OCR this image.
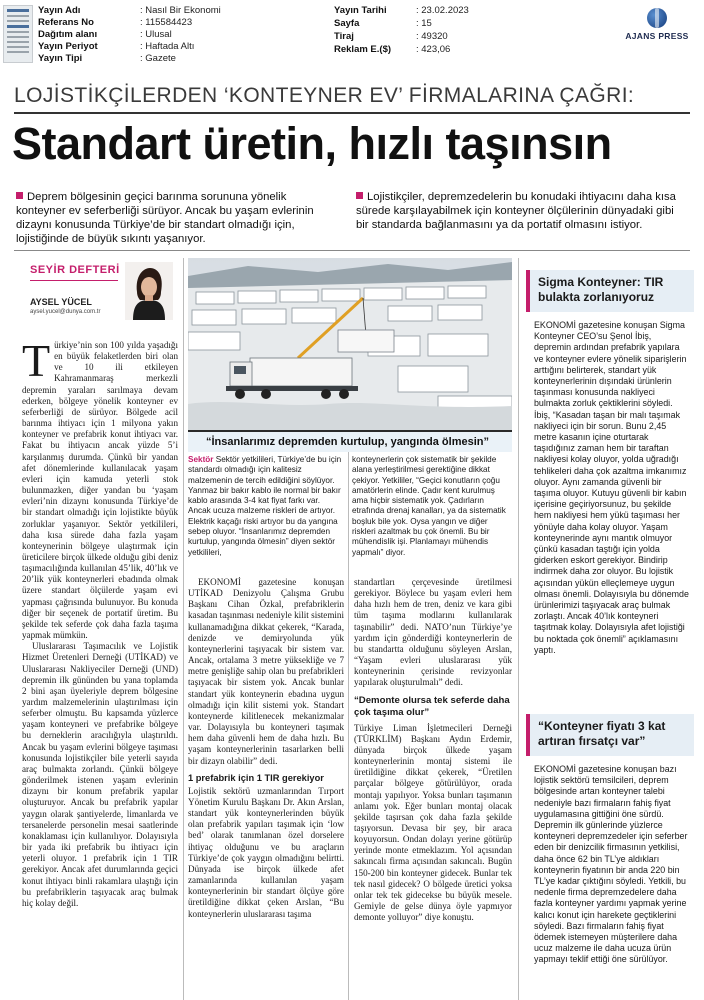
Yayın Adı	: Nasıl Bir Ekonomi
Referans No	: 115584423
Dağıtım alanı	: Ulusal
Yayın Periyot	: Haftada Altı
Yayın Tipi	: Gazete
Yayın Tarihi	: 23.02.2023
Sayfa	: 15
Tiraj	: 49320
Reklam E.($)	: 423,06
AJANS PRESS
LOJİSTİKÇİLERDEN ‘KONTEYNER EV’ FİRMALARINA ÇAĞRI:
Standart üretin, hızlı taşınsın
Deprem bölgesinin geçici barınma sorununa yönelik konteyner ev seferberliği sürüyor. Ancak bu yaşam evlerinin dizaynı konusunda Türkiye’de bir standart olmadığı için, lojistiğinde de büyük sıkıntı yaşanıyor.
Lojistikçiler, depremzedelerin bu konudaki ihtiyacını daha kısa sürede karşılayabilmek için konteyner ölçülerinin dünyadaki gibi bir standarda bağlanmasını ya da portatif olmasını istiyor.
SEYİR DEFTERİ
AYSEL YÜCEL
aysel.yucel@dunya.com.tr
“İnsanlarımız depremden kurtulup, yangında ölmesin”
Sektör Sektör yetkilileri, Türkiye’de bu için standardı olmadığı için kalitesiz malzemenin de tercih edildiğini söylüyor. Yanmaz bir bakır kablo ile normal bir bakır kablo arasında 3-4 kat fiyat farkı var. Ancak ucuza malzeme riskleri de artıyor. Elektrik kaçağı riski artıyor bu da yangına sebep oluyor. “İnsanlarımız depremden kurtulup, yangında ölmesin” diyen sektör yetkilileri,
konteynerlerin çok sistematik bir şekilde alana yerleştirilmesi gerektiğine dikkat çekiyor. Yetkililer, “Geçici konutların çoğu amatörlerin elinde. Çadır kent kurulmuş ama hiçbir sistematik yok. Çadırların etrafında drenaj kanalları, ya da sistematik boşluk bile yok. Oysa yangın ve diğer riskleri azaltmak bu çok önemli. Bu bir mühendislik işi. Planlamayı mühendis yapmalı” diyor.

Türkiye’nin son 100 yılda yaşadığı en büyük felaketlerden biri olan ve 10 ili etkileyen Kahramanmaraş merkezli depremin yaraları sarılmaya devam ederken, bölgeye yönelik konteyner ev seferberliği de sürüyor. Bölgede acil barınma ihtiyacı için 1 milyona yakın konteyner ve prefabrik konut ihtiyacı var. Fakat bu ihtiyacın ancak yüzde 5’i karşılanmış durumda. Çünkü bir yandan afet dönemlerinde kullanılacak yaşam evleri için kamuda yeterli stok bulunmazken, diğer yandan bu ‘yaşam evleri’nin dizaynı konusunda Türkiye’de bir standart olmadığı için lojistikte büyük zorluklar yaşanıyor. Sektör yetkilileri, daha kısa sürede daha fazla yaşam konteynerinin bölgeye ulaştırmak için üreticilere birçok ülkede olduğu gibi deniz taşımacılığında kullanılan 45’lik, 40’lık ve 20’lik yük konteynerleri ebadında olmak üzere standart ölçülerde yaşam evi yapması çağrısında bulunuyor. Bu konuda diğer bir seçenek de portatif üretim. Bu şekilde tek seferde çok daha fazla taşıma yapmak mümkün.

Uluslararası Taşımacılık ve Lojistik Hizmet Üretenleri Derneği (UTİKAD) ve Uluslararası Nakliyeciler Derneği (UND) depremin ilk gününden bu yana toplamda 2 bini aşan üyeleriyle deprem bölgesine yardım malzemelerinin ulaştırılması için seferber olmuştu. Bu kapsamda yüzlerce yaşam konteyneri ve prefabrike bölgeye bu derneklerin aracılığıyla ulaştırıldı. Ancak bu yaşam evlerini bölgeye taşıması konusunda lojistikçiler bile yeterli sayıda araç bulmakta zorlandı. Çünkü bölgeye gönderilmek istenen yaşam evlerinin dizaynı bir konum prefabrik yapılar oluşturuyor. Ancak bu prefabrik yapılar yaygın olarak şantiyelerde, limanlarda ve tersanelerde personelin mesai saatlerinde konaklaması için kullanılıyor. Dolayısıyla bir yada iki prefabrik bu ihtiyacı için yeterli oluyor. 1 prefabrik için 1 TIR gerekiyor. Ancak afet durumlarında geçici konut ihtiyacı binli rakamlara ulaştığı için bu prefabriklerin taşıyacak araç bulmak hiç kolay değil.

EKONOMİ gazetesine konuşan UTİKAD Denizyolu Çalışma Grubu Başkanı Cihan Özkal, prefabriklerin kasadan taşınması nedeniyle kilit sistemini kullanamadığına dikkat çekerek, “Karada, denizde ve demiryolunda yük konteynerlerini taşıyacak bir sistem var. Ancak, ortalama 3 metre yüksekliğe ve 7 metre genişliğe sahip olan bu prefabrikleri taşıyacak bir sistem yok. Ancak bunlar standart yük konteynerin ebadına uygun olmadığı için kilit sistemi yok. Standart konteynerde kilitlenecek mekanizmalar var. Dolayısıyla bu konteyneri taşımak hem daha güvenli hem de daha hızlı. Bu yaşam konteynerlerinin tasarlarken belli bir dizayn olabilir” dedi.

1 prefabrik için 1 TIR gerekiyor

Lojistik sektörü uzmanlarından Tırport Yönetim Kurulu Başkanı Dr. Akın Arslan, standart yük konteynerlerinden büyük olan prefabrik yapıları taşımak için ‘low bed’ olarak tanımlanan özel dorselere ihtiyaç olduğunu ve bu araçların Türkiye’de çok yaygın olmadığını belirtti. Dünyada ise birçok ülkede afet zamanlarında kullanılan yaşam konteynerlerinin bir standart ölçüye göre üretildiğine dikkat çeken Arslan, “Bu konteynerlerin uluslararası taşıma

standartları çerçevesinde üretilmesi gerekiyor. Böylece bu yaşam evleri hem daha hızlı hem de tren, deniz ve kara gibi tüm taşıma modlarını kullanılarak taşınabilir” dedi. NATO’nun Türkiye’ye yardım için gönderdiği konteynerlerin de bu standartta olduğunu söyleyen Arslan, “Yaşam evleri uluslararası yük konteynerinin çerisinde revizyonlar yapılarak oluşturulmalı” dedi.

“Demonte olursa tek seferde daha çok taşıma olur”

Türkiye Liman İşletmecileri Derneği (TÜRKLİM) Başkanı Aydın Erdemir, dünyada birçok ülkede yaşam konteynerlerinin montaj sistemi ile üretildiğine dikkat çekerek, “Üretilen parçalar bölgeye götürülüyor, orada montajı yapılıyor. Yoksa bunları taşımanın anlamı yok. Eğer bunları montaj olacak şekilde taşırsan çok daha fazla şekilde taşıyorsun. Devasa bir şey, bir araca koyuyorsun. Ondan dolayı yerine götürüp yerinde monte etmeklazım. Yol açısından sakıncalı firma açısından sakıncalı. Bugün 150-200 bin konteyner gidecek. Bunlar tek tek nasıl gidecek? O bölgede üretici yoksa onlar tek tek gidecekse bu büyük mesele. Gemiyle de gelse dünya öyle yapmıyor demonte yolluyor” diye konuştu.

Sigma Konteyner: TIR bulakta zorlanıyoruz
EKONOMİ gazetesine konuşan Sigma Konteyner CEO’su Şenol İbiş, depremin ardından prefabrik yapılara ve konteyner evlere yönelik siparişlerin arttığını belirterek, standart yük konteynerlerinin dışındaki ürünlerin taşınması konusunda nakliyeci bulmakta zorluk çektiklerini söyledi. İbiş, “Kasadan taşan bir malı taşımak nakliyeci için bir sorun. Bunu 2,45 metre kasanın içine oturtarak taşıdığınız zaman hem bir taraftan nakliyesi kolay oluyor, yolda uğradığı tehlikeleri daha çok azaltma imkanımız oluyor. Aynı zamanda güvenli bir taşıma oluyor. Kutuyu güvenli bir kabın içerisine geçiriyorsunuz, bu şekilde hem nakliyesi hem yükü taşıması her yönüyle daha kolay oluyor. Yaşam konteynerinde aynı mantık olmuyor çünkü kasadan taştığı için yolda giderken eskort gerekiyor. Bindirip indirmek daha zor oluyor. Bu lojistik açısından yükün elleçlemeye uygun olması önemli. Dolayısıyla bu dönemde ürünlerimizi taşıyacak araç bulmak zorlaştı. Ancak 40’lık konteyneri taşıtmak kolay. Dolayısıyla afet lojistiği bu noktada çok önemli” açıklamasını yaptı.
“Konteyner fiyatı 3 kat artıran fırsatçı var”
EKONOMİ gazetesine konuşan bazı lojistik sektörü temsilcileri, deprem bölgesinde artan konteyner talebi nedeniyle bazı firmaların fahiş fiyat uygulamasına gittiğini öne sürdü. Depremin ilk günlerinde yüzlerce konteyneri depremzedeler için seferber eden bir denizcilik firmasının yetkilisi, daha önce 62 bin TL’ye aldıkları konteynerin fiyatının bir anda 220 bin TL’ye kadar çıktığını söyledi. Yetkili, bu nedenle firma depremzedelere daha fazla konteyner yardımı yapmak yerine kalıcı konut için harekete geçtiklerini söyledi. Bazı firmaların fahiş fiyat ödemek istemeyen müşterilere daha ucuz malzeme ile daha ucuza ürün yapmayı teklif ettiği öne sürülüyor.
